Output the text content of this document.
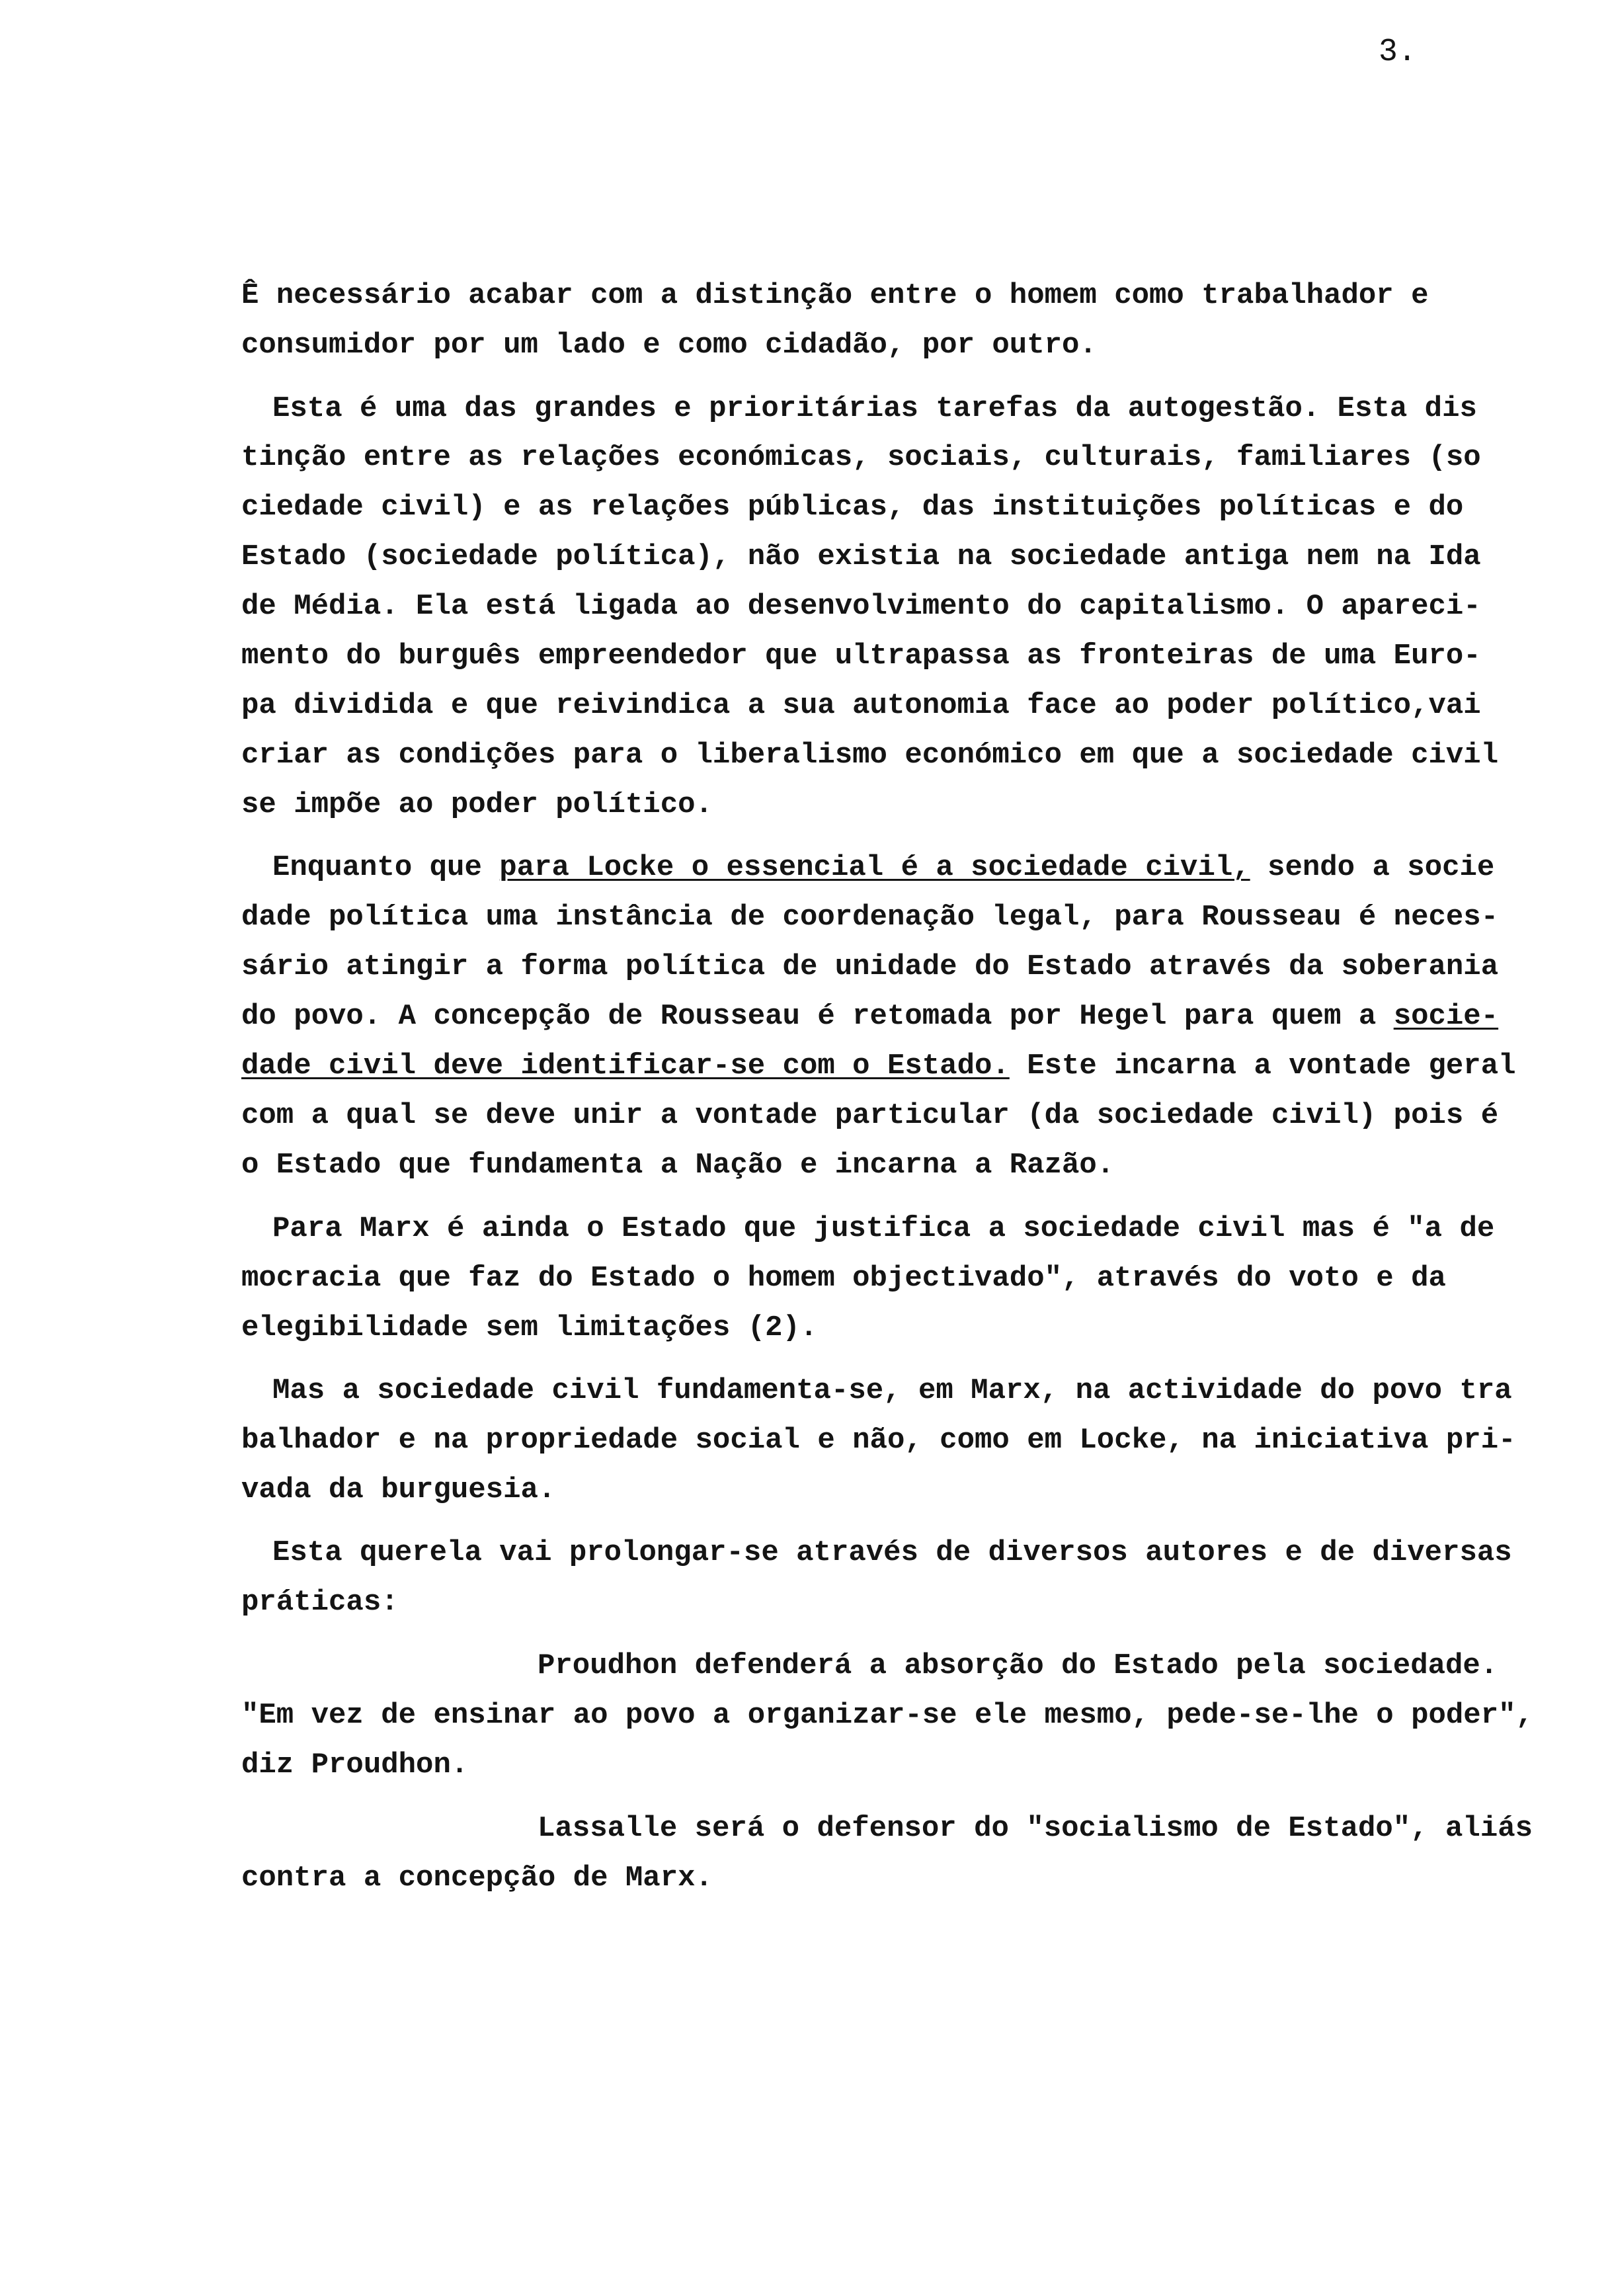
3.
Ê necessário acabar com a distinção entre o homem como trabalhador e
consumidor por um lado e como cidadão, por outro.
Esta é uma das grandes e prioritárias tarefas da autogestão. Esta dis
tinção entre as relações económicas, sociais, culturais, familiares (so
ciedade civil) e as relações públicas, das instituições políticas e do
Estado (sociedade política), não existia na sociedade antiga nem na Ida
de Média. Ela está ligada ao desenvolvimento do capitalismo. O apareci-
mento do burguês empreendedor que ultrapassa as fronteiras de uma Euro-
pa dividida e que reivindica a sua autonomia face ao poder político,vai
criar as condições para o liberalismo económico em que a sociedade civil
se impõe ao poder político.
Enquanto que para Locke o essencial é a sociedade civil, sendo a socie
dade política uma instância de coordenação legal, para Rousseau é neces-
sário atingir a forma política de unidade do Estado através da soberania
do povo. A concepção de Rousseau é retomada por Hegel para quem a socie-
dade civil deve identificar-se com o Estado. Este incarna a vontade geral
com a qual se deve unir a vontade particular (da sociedade civil) pois é
o Estado que fundamenta a Nação e incarna a Razão.
Para Marx é ainda o Estado que justifica a sociedade civil mas é "a de
mocracia que faz do Estado o homem objectivado", através do voto e da
elegibilidade sem limitações (2).
Mas a sociedade civil fundamenta-se, em Marx, na actividade do povo tra
balhador e na propriedade social e não, como em Locke, na iniciativa pri-
vada da burguesia.
Esta querela vai prolongar-se através de diversos autores e de diversas
práticas:
Proudhon defenderá a absorção do Estado pela sociedade.
"Em vez de ensinar ao povo a organizar-se ele mesmo, pede-se-lhe o poder",
diz Proudhon.
Lassalle será o defensor do "socialismo de Estado", aliás
contra a concepção de Marx.
